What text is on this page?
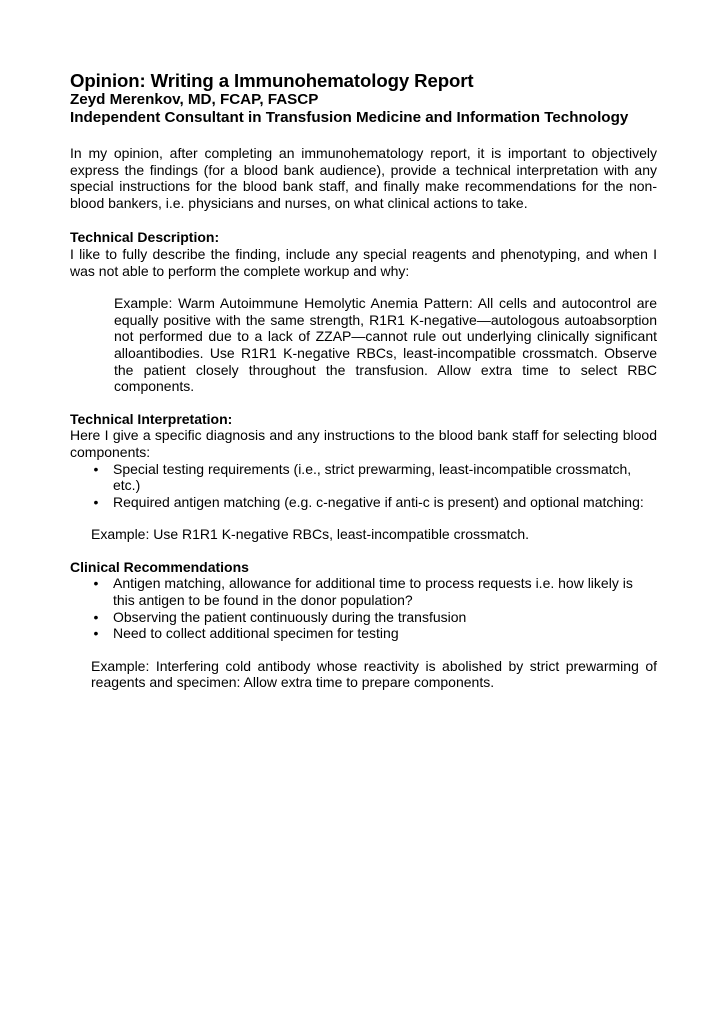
Opinion: Writing a Immunohematology Report
Zeyd Merenkov, MD, FCAP, FASCP
Independent Consultant in Transfusion Medicine and Information Technology

In my opinion, after completing an immunohematology report, it is important to objectively express the findings (for a blood bank audience), provide a technical interpretation with any special instructions for the blood bank staff, and finally make recommendations for the non-blood bankers, i.e. physicians and nurses, on what clinical actions to take.

Technical Description:

I like to fully describe the finding, include any special reagents and phenotyping, and when I was not able to perform the complete workup and why:

Example: Warm Autoimmune Hemolytic Anemia Pattern: All cells and autocontrol are equally positive with the same strength, R1R1 K-negative—autologous autoabsorption not performed due to a lack of ZZAP—cannot rule out underlying clinically significant alloantibodies. Use R1R1 K-negative RBCs, least-incompatible crossmatch. Observe the patient closely throughout the transfusion. Allow extra time to select RBC components.

Technical Interpretation:

Here I give a specific diagnosis and any instructions to the blood bank staff for selecting blood components:

• Special testing requirements (i.e., strict prewarming, least-incompatible crossmatch, etc.)
• Required antigen matching (e.g. c-negative if anti-c is present) and optional matching:

Example: Use R1R1 K-negative RBCs, least-incompatible crossmatch.

Clinical Recommendations
• Antigen matching, allowance for additional time to process requests i.e. how likely is this antigen to be found in the donor population?
• Observing the patient continuously during the transfusion
• Need to collect additional specimen for testing

Example: Interfering cold antibody whose reactivity is abolished by strict prewarming of reagents and specimen: Allow extra time to prepare components.
